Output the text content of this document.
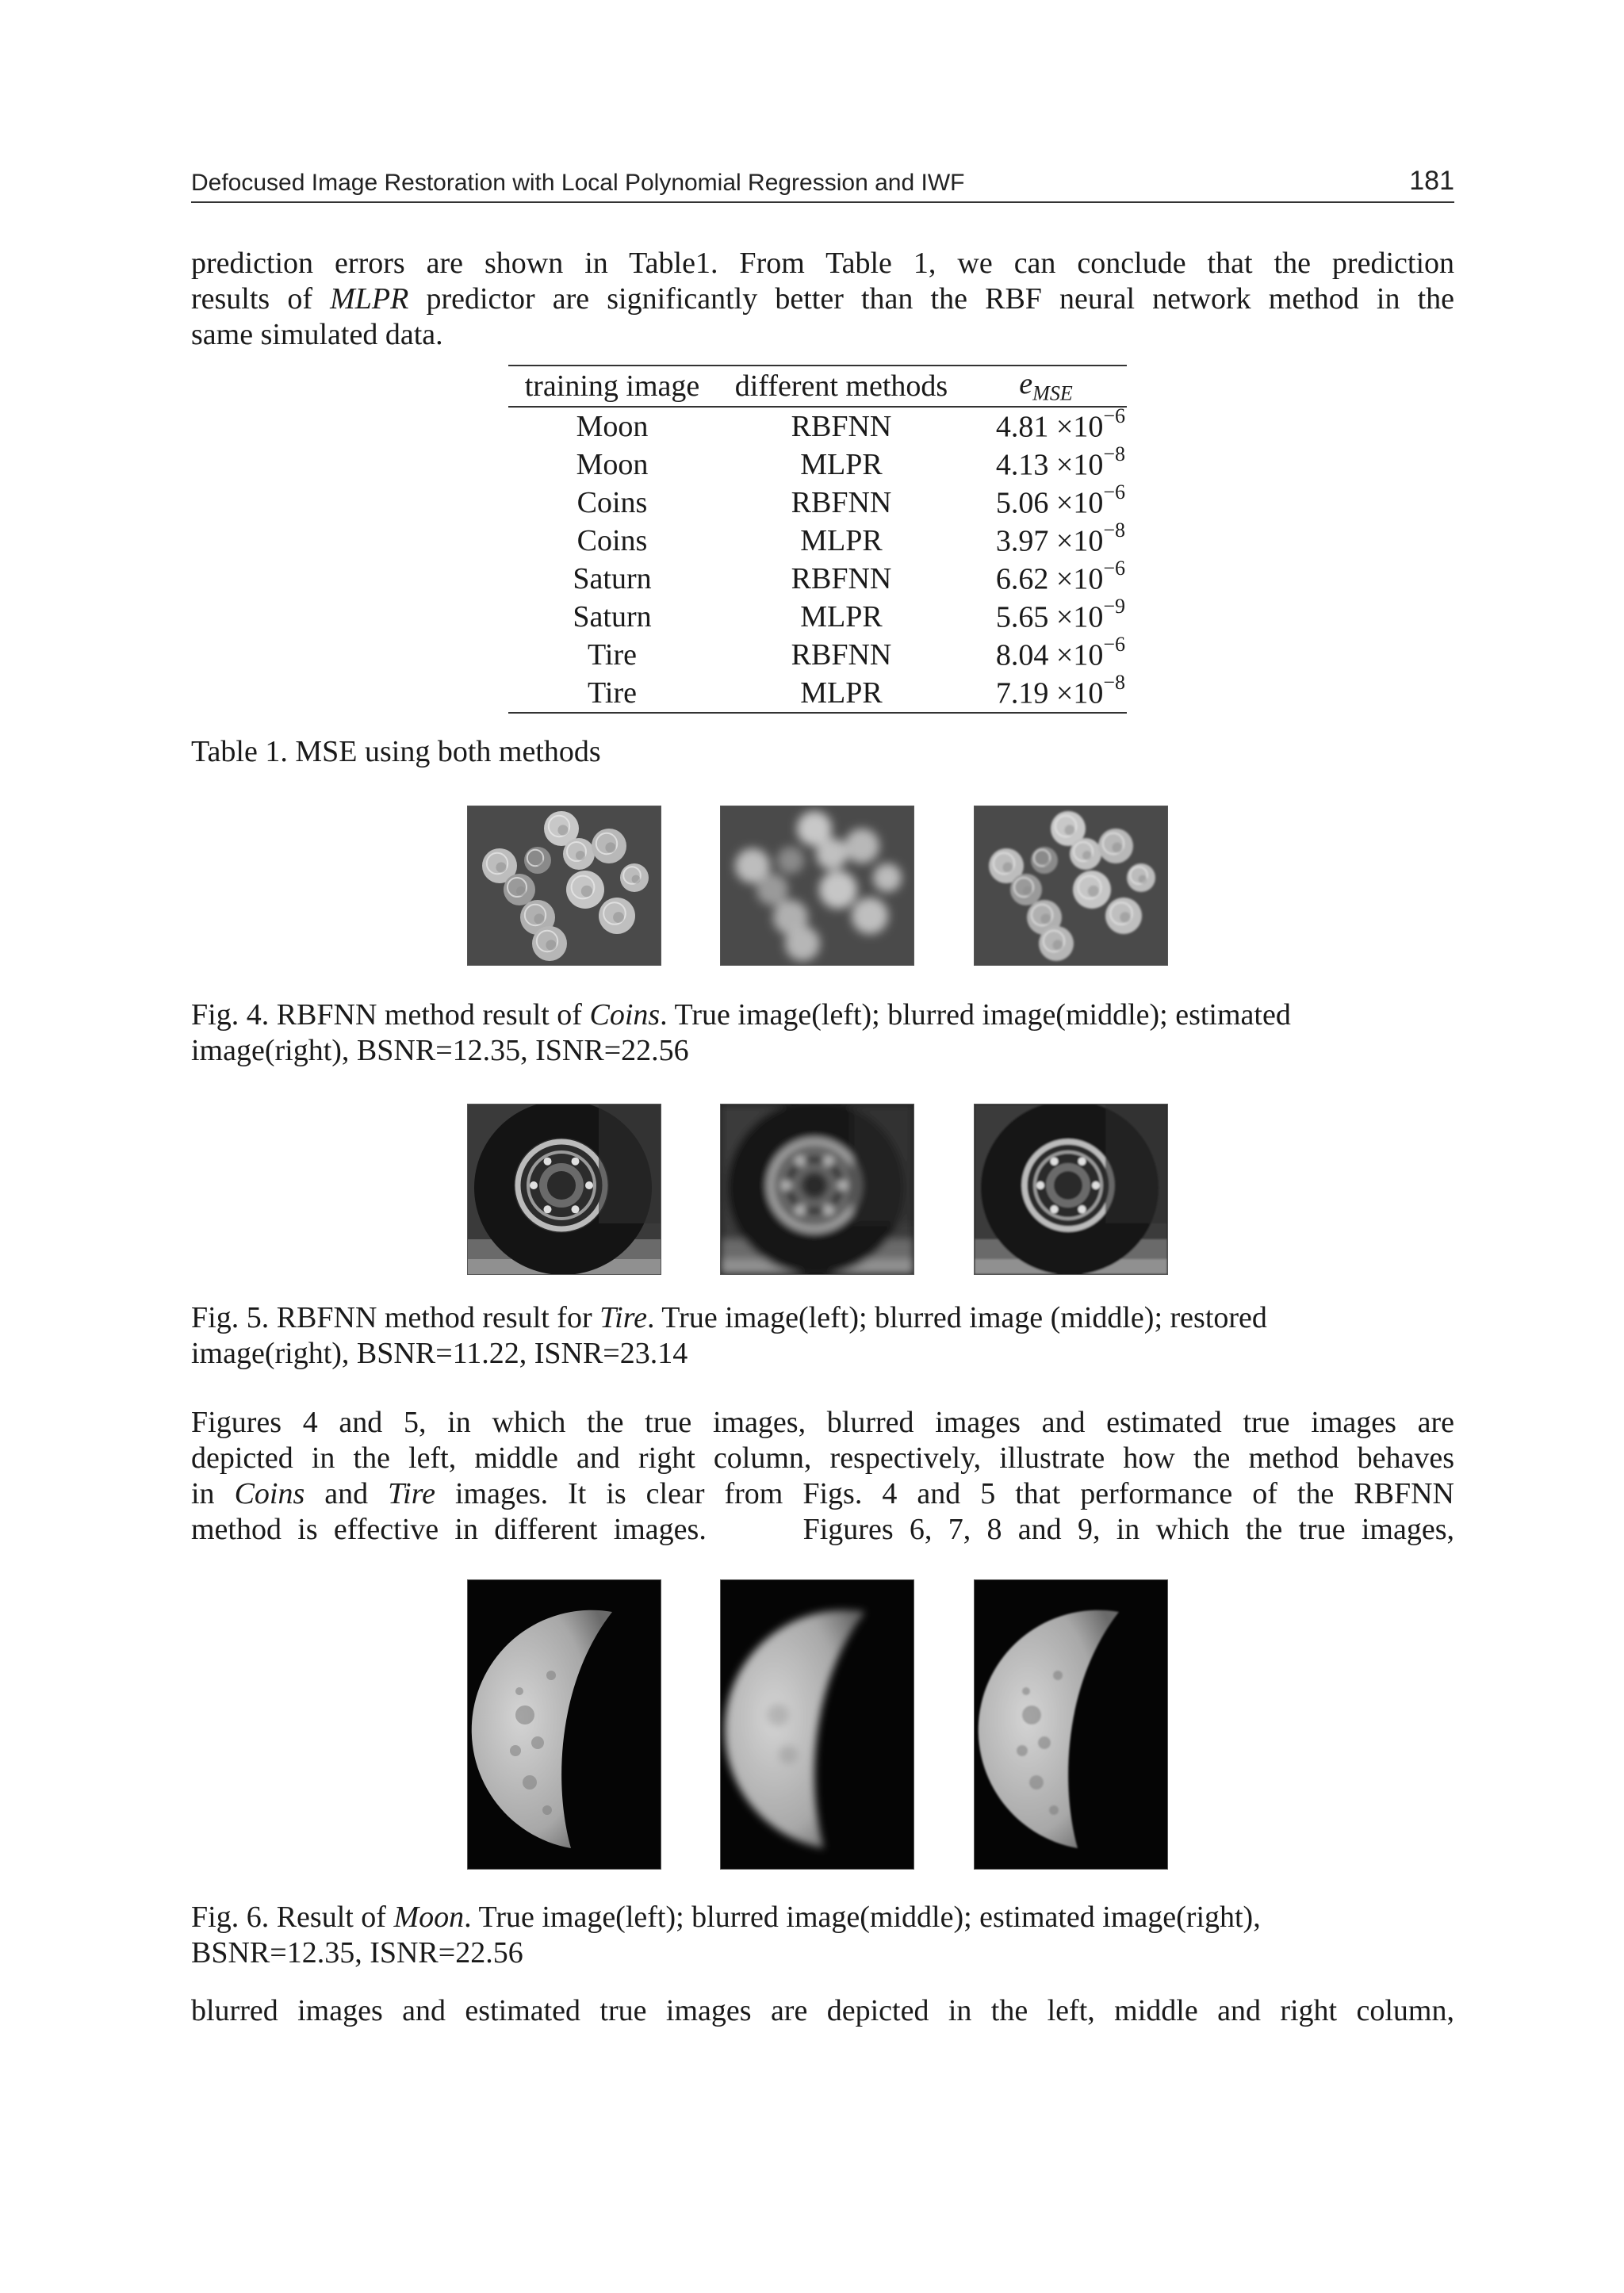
Defocused Image Restoration with Local Polynomial Regression and IWF	181
prediction errors are shown in Table1. From Table 1, we can conclude that the prediction
results of MLPR predictor are significantly better than the RBF neural network method in the
same simulated data.
training image	different methods	$e_{MSE}$
Moon	RBFNN	$4.81 \times 10^{-6}$
Moon	MLPR	$4.13 \times 10^{-8}$
Coins	RBFNN	$5.06 \times 10^{-6}$
Coins	MLPR	$3.97 \times 10^{-8}$
Saturn	RBFNN	$6.62 \times 10^{-6}$
Saturn	MLPR	$5.65 \times 10^{-9}$
Tire	RBFNN	$8.04 \times 10^{-6}$
Tire	MLPR	$7.19 \times 10^{-8}$
Table 1. MSE using both methods
Fig. 4. RBFNN method result of Coins. True image(left); blurred image(middle); estimated
image(right), BSNR=12.35, ISNR=22.56
Fig. 5. RBFNN method result for Tire. True image(left); blurred image (middle); restored
image(right), BSNR=11.22, ISNR=23.14
Figures 4 and 5, in which the true images, blurred images and estimated true images are
depicted in the left, middle and right column, respectively, illustrate how the method behaves
in Coins and Tire images. It is clear from Figs. 4 and 5 that performance of the RBFNN
method is effective in different images.      Figures 6, 7, 8 and 9, in which the true images,
Fig. 6. Result of Moon. True image(left); blurred image(middle); estimated image(right),
BSNR=12.35, ISNR=22.56
blurred images and estimated true images are depicted in the left, middle and right column,
